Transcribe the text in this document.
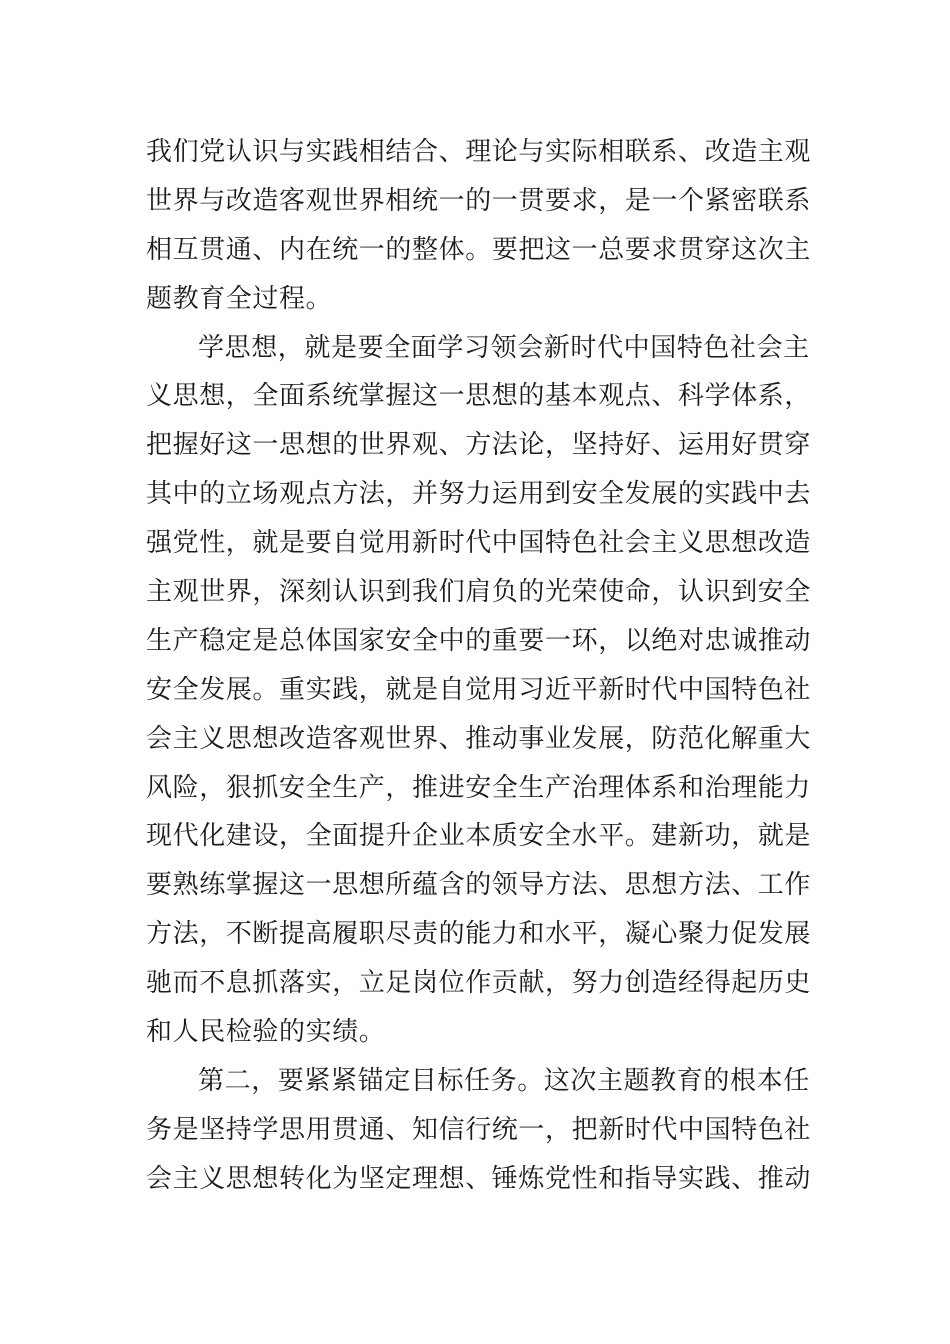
我们党认识与实践相结合、理论与实际相联系、改造主观
世界与改造客观世界相统一的一贯要求，是一个紧密联系
相互贯通、内在统一的整体。要把这一总要求贯穿这次主
题教育全过程。
学思想，就是要全面学习领会新时代中国特色社会主
义思想，全面系统掌握这一思想的基本观点、科学体系，
把握好这一思想的世界观、方法论，坚持好、运用好贯穿
其中的立场观点方法，并努力运用到安全发展的实践中去
强党性，就是要自觉用新时代中国特色社会主义思想改造
主观世界，深刻认识到我们肩负的光荣使命，认识到安全
生产稳定是总体国家安全中的重要一环，以绝对忠诚推动
安全发展。重实践，就是自觉用习近平新时代中国特色社
会主义思想改造客观世界、推动事业发展，防范化解重大
风险，狠抓安全生产，推进安全生产治理体系和治理能力
现代化建设，全面提升企业本质安全水平。建新功，就是
要熟练掌握这一思想所蕴含的领导方法、思想方法、工作
方法，不断提高履职尽责的能力和水平，凝心聚力促发展
驰而不息抓落实，立足岗位作贡献，努力创造经得起历史
和人民检验的实绩。
第二，要紧紧锚定目标任务。这次主题教育的根本任
务是坚持学思用贯通、知信行统一，把新时代中国特色社
会主义思想转化为坚定理想、锤炼党性和指导实践、推动
